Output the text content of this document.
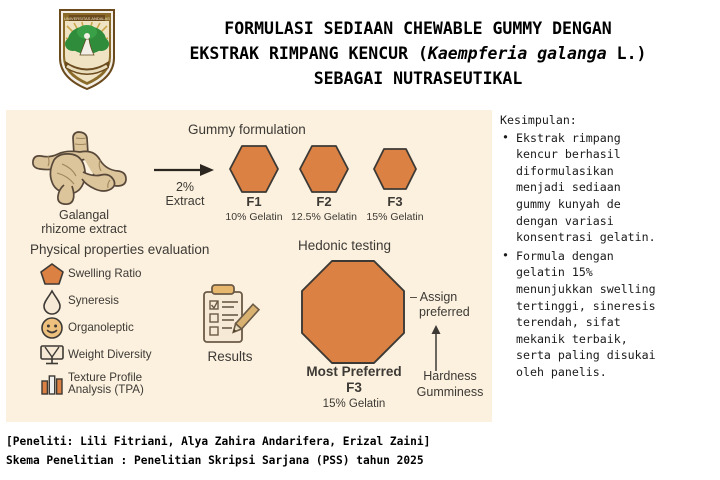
UNIVERSITAS ANDALAS
FORMULASI SEDIAAN CHEWABLE GUMMY DENGAN
EKSTRAK RIMPANG KENCUR (Kaempferia galanga L.)
SEBAGAI NUTRASEUTIKAL
Galangal
rhizome extract
2%
Extract
Gummy formulation
F1
10% Gelatin
F2
12.5% Gelatin
F3
15% Gelatin
Physical properties evaluation
Swelling Ratio
Syneresis
Organoleptic
Weight Diversity
Texture Profile
Analysis (TPA)
Results
Hedonic testing
Most Preferred
F3
15% Gelatin
– Assign
preferred
Hardness
Gumminess
Kesimpulan:
• Ekstrak rimpang
kencur berhasil
diformulasikan
menjadi sediaan
gummy kunyah de
dengan variasi
konsentrasi gelatin.
• Formula dengan
gelatin 15%
menunjukkan swelling
tertinggi, sineresis
terendah, sifat
mekanik terbaik,
serta paling disukai
oleh panelis.
[Peneliti: Lili Fitriani, Alya Zahira Andarifera, Erizal Zaini]
Skema Penelitian : Penelitian Skripsi Sarjana (PSS) tahun 2025
